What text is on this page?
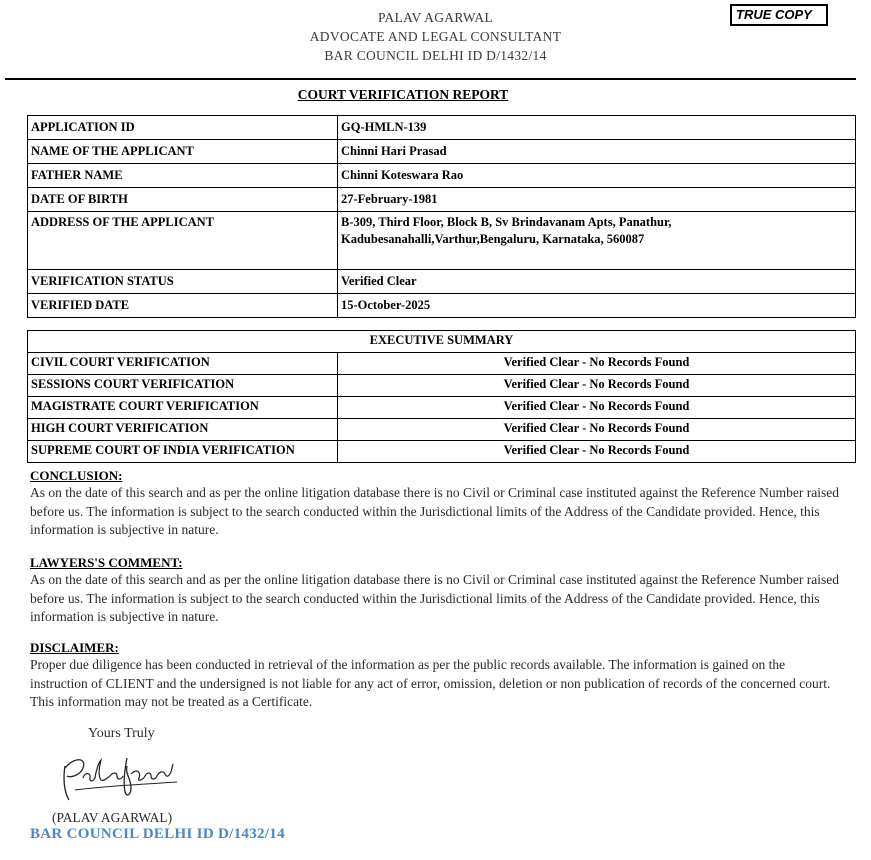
PALAV AGARWAL
ADVOCATE AND LEGAL CONSULTANT
BAR COUNCIL DELHI ID D/1432/14
TRUE COPY
COURT VERIFICATION REPORT
APPLICATION ID	GQ-HMLN-139
NAME OF THE APPLICANT	Chinni Hari Prasad
FATHER NAME	Chinni Koteswara Rao
DATE OF BIRTH	27-February-1981
ADDRESS OF THE APPLICANT	B-309, Third Floor, Block B, Sv Brindavanam Apts, Panathur,
Kadubesanahalli,Varthur,Bengaluru, Karnataka, 560087

VERIFICATION STATUS	Verified Clear
VERIFIED DATE	15-October-2025
EXECUTIVE SUMMARY	
CIVIL COURT VERIFICATION	Verified Clear - No Records Found
SESSIONS COURT VERIFICATION	Verified Clear - No Records Found
MAGISTRATE COURT VERIFICATION	Verified Clear - No Records Found
HIGH COURT VERIFICATION	Verified Clear - No Records Found
SUPREME COURT OF INDIA VERIFICATION	Verified Clear - No Records Found
CONCLUSION:
As on the date of this search and as per the online litigation database there is no Civil or Criminal case instituted against the Reference Number raised before us. The information is subject to the search conducted within the Jurisdictional limits of the Address of the Candidate provided. Hence, this information is subjective in nature.
LAWYERS'S COMMENT:
As on the date of this search and as per the online litigation database there is no Civil or Criminal case instituted against the Reference Number raised before us. The information is subject to the search conducted within the Jurisdictional limits of the Address of the Candidate provided. Hence, this information is subjective in nature.
DISCLAIMER:
Proper due diligence has been conducted in retrieval of the information as per the public records available. The information is gained on the instruction of CLIENT and the undersigned is not liable for any act of error, omission, deletion or non publication of records of the concerned court. This information may not be treated as a Certificate.
Yours Truly
(PALAV AGARWAL)
BAR COUNCIL DELHI ID D/1432/14
